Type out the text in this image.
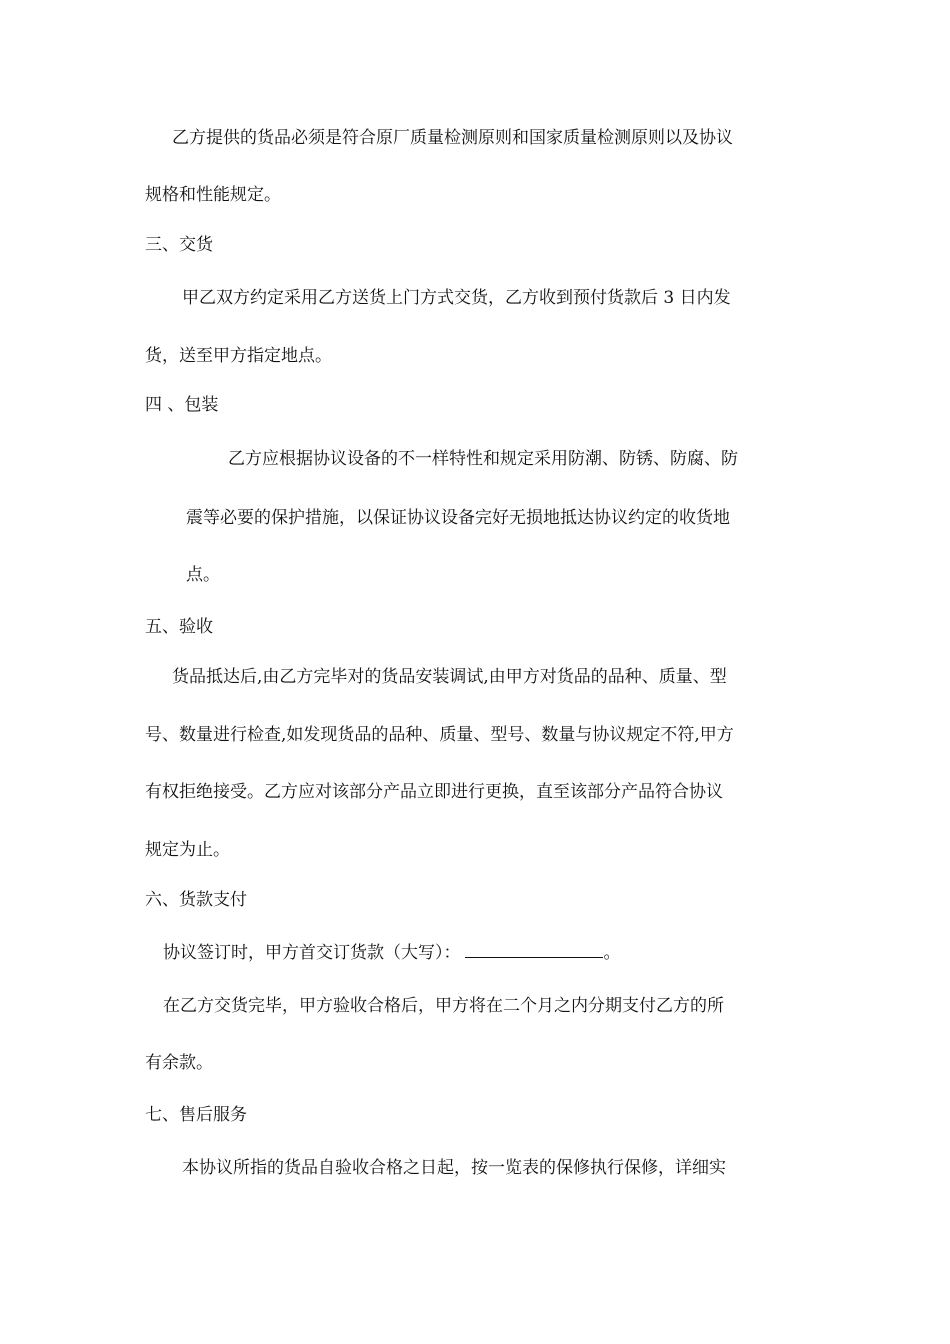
乙方提供的货品必须是符合原厂质量检测原则和国家质量检测原则以及协议
规格和性能规定。
三、交货
甲乙双方约定采用乙方送货上门方式交货，乙方收到预付货款后 3 日内发
货，送至甲方指定地点。
四 、包装
乙方应根据协议设备的不一样特性和规定采用防潮、防锈、防腐、防
震等必要的保护措施，以保证协议设备完好无损地抵达协议约定的收货地
点。
五、验收
货品抵达后,由乙方完毕对的货品安装调试,由甲方对货品的品种、质量、型
号、数量进行检查,如发现货品的品种、质量、型号、数量与协议规定不符,甲方
有权拒绝接受。乙方应对该部分产品立即进行更换，直至该部分产品符合协议
规定为止。
六、货款支付
协议签订时，甲方首交订货款（大写）：	。
在乙方交货完毕，甲方验收合格后，甲方将在二个月之内分期支付乙方的所
有余款。
七、售后服务
本协议所指的货品自验收合格之日起，按一览表的保修执行保修，详细实
